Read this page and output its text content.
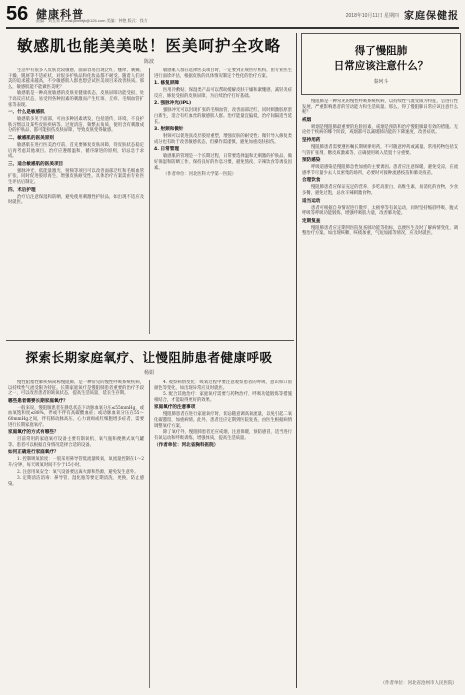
56 健康科普
责编：刘玉荣 E-mail:jkbmtjk@126.com 美编：钟艳 版式：钱力
2018年10月11日 星期四 家庭保健报
敏感肌也能美美哒！医美呵护全攻略
陈波

生活中有很多人皮肤比较敏感，面部容易出现泛红、瘙痒、刺痛、干燥、脱屑等不适症状，对很多护肤品和化妆品都不耐受。随着人们对美的追求越来越高，不少敏感肌人群也想尝试医美项目来改善肤质。那么，敏感肌能不能做医美呢？

敏感肌是一种高度敏感的皮肤亚健康状态，皮肤屏障功能受损，处于高反应状态，易受到各种因素的刺激而产生红斑、丘疹、毛细血管扩张等表现。

一、什么是敏感肌

敏感肌多见于面部，可由多种因素诱发，包括遗传、环境、不良护肤习惯以及某些皮肤疾病等。过度清洁、频繁去角质、使用含有刺激成分的护肤品，都可能损伤皮肤屏障，导致皮肤变得敏感。

二、敏感肌的医美原则

敏感肌在进行医美治疗前，首先要修复皮肤屏障，待皮肤状态稳定后再考虑其他项目。治疗应遵循温和、循序渐进的原则，切忌急于求成。

三、适合敏感肌的医美项目

强脉冲光、低能量激光、射频等项目可以改善面部泛红和毛细血管扩张，同时促进胶原再生，增强皮肤耐受性。具体治疗方案需由专业医生评估后制定。

四、术后护理

治疗后注意保湿和防晒，避免使用刺激性护肤品，如出现不适应及时就医。

敏感肌人群在选择医美项目时，一定要到正规医疗机构，由专业医生进行面诊评估，根据皮肤的具体情况制定个性化的治疗方案。

1. 修复屏障

医用冷敷贴、保湿类产品可以帮助缓解皮肤干燥和紧绷感，减轻炎症反应，修复受损的皮肤屏障，为后续治疗打好基础。

2. 强脉冲光(IPL)

强脉冲光可以封闭扩张的毛细血管，改善面部泛红，同时刺激胶原蛋白新生，适合有红血丝的敏感肌人群。治疗能量宜偏低，治疗间隔适当延长。

3. 射频和微针

射频可以促进真皮层胶原重塑，增强皮肤的耐受性；微针导入修复类成分也有助于改善敏感状态，但操作需谨慎，避免加重皮肤损伤。

4. 日常管理

敏感肌的管理是一个长期过程，日常要选择温和无刺激的护肤品，做好保湿和防晒工作，保持良好的作息习惯，避免熬夜、辛辣饮食等诱发因素。

（作者单位：河北医科大学第一医院）

探索长期家庭氧疗、让慢阻肺患者健康呼吸
杨娟

慢性阻塞性肺疾病简称慢阻肺，是一种常见的慢性呼吸系统疾病，以持续性气流受限为特征。长期家庭氧疗是慢阻肺患者重要的治疗手段之一，可以改善患者的缺氧状态，提高生活质量，延长生存期。

哪些患者需要长期家庭氧疗？

一般来说，慢阻肺患者在静息状态下动脉血氧分压≤55mmHg，或血氧饱和度≤88%，伴或不伴有高碳酸血症；或动脉血氧分压在55～60mmHg之间，伴有肺动脉高压、心力衰竭或红细胞增多症者，需要进行长期家庭氧疗。

家庭氧疗的方式有哪些？

目前常用的家庭氧疗设备主要有制氧机、氧气瓶和便携式氧气罐等。患者可以根据自身情况选择合适的设备。

如何正确进行家庭氧疗？

1. 控制吸氧浓度：一般采用鼻导管低流量吸氧，氧流量控制在1～2升/分钟，每天吸氧时间不少于15小时。

2. 注意用氧安全：氧气设备要远离火源和热源，避免发生意外。

3. 定期清洁消毒：鼻导管、湿化瓶等要定期清洗、更换，防止感染。

4. 观察病情变化：吸氧过程中要注意观察患者的呼吸、意识和口唇颜色等变化，如出现异常应及时就医。

5. 配合其他治疗：家庭氧疗需要与药物治疗、呼吸功能锻炼等措施相结合，才能取得更好的效果。

家庭氧疗的注意事项

慢阻肺患者在进行家庭氧疗时，切忌随意调高氧流量，以免引起二氧化碳潴留，加重病情。此外，患者还应定期到医院复查，由医生根据病情调整氧疗方案。

除了氧疗外，慢阻肺患者还应戒烟，注意保暖，预防感冒，适当进行有氧运动和呼吸训练，增强体质，提高生活质量。

（作者单位：河北省胸科医院）

得了慢阻肺
日常应该注意什么？
秦珂斗

慢阻肺是一种常见的慢性呼吸系统疾病，以持续性气流受限为特征，呈进行性发展，严重影响患者的劳动能力和生活质量。那么，得了慢阻肺日常应该注意什么呢？

戒烟

吸烟是慢阻肺最重要的危险因素，戒烟是预防和治疗慢阻肺最有效的措施。无论处于疾病的哪个阶段，戒烟都可以减缓肺功能的下降速度，改善症状。

坚持用药

慢阻肺患者需要遵医嘱长期规律用药，不可随意停药或减量。常用药物包括支气管扩张剂、糖皮质激素等，正确使用吸入装置十分重要。

预防感染

呼吸道感染是慢阻肺急性加重的主要诱因。患者应注意保暖，避免受凉，在流感季节尽量少去人员密集的场所，必要时可接种流感疫苗和肺炎疫苗。

合理饮食

慢阻肺患者应保证充足的营养，多吃高蛋白、高维生素、易消化的食物，少食多餐，避免过饱，忌食辛辣刺激食物。

适当运动

患者可根据自身情况进行散步、太极拳等有氧运动，同时坚持缩唇呼吸、腹式呼吸等呼吸功能锻炼，增强呼吸肌力量，改善肺功能。

定期复查

慢阻肺患者应定期到医院复查肺功能等指标，以便医生及时了解病情变化，调整治疗方案。如出现咳嗽、咳痰加重，气短加剧等情况，应及时就医。

（作者单位：河北省沧州市人民医院）
